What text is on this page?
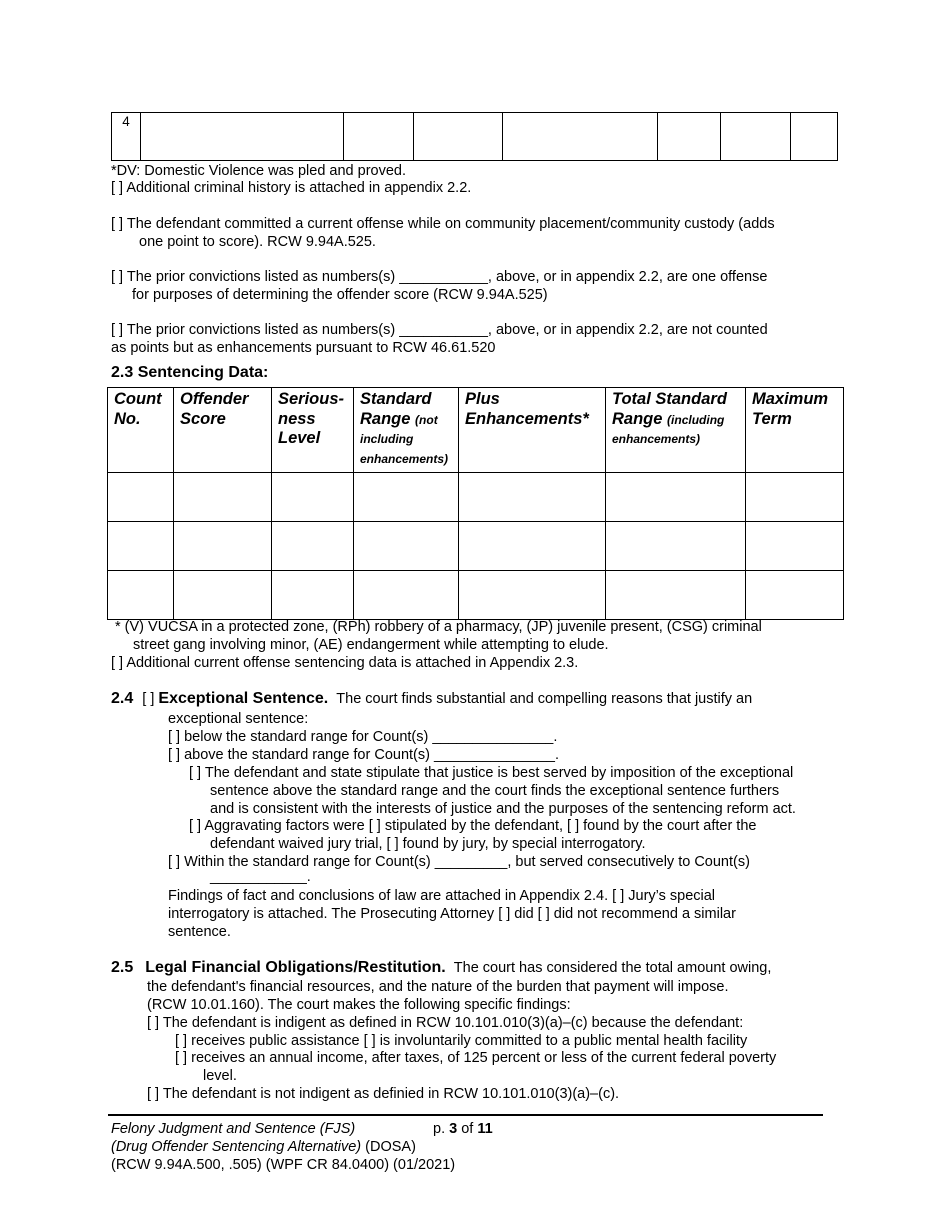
4							

*DV: Domestic Violence was pled and proved.

[ ] Additional criminal history is attached in appendix 2.2.

[ ] The defendant committed a current offense while on community placement/community custody (adds

one point to score). RCW 9.94A.525.

[ ] The prior convictions listed as numbers(s) ___________, above, or in appendix 2.2, are one offense

for purposes of determining the offender score (RCW 9.94A.525)

[ ] The prior convictions listed as numbers(s) ___________, above, or in appendix 2.2, are not counted

as points but as enhancements pursuant to RCW 46.61.520

2.3 Sentencing Data:

Count No.	Offender Score	Serious-ness Level	Standard Range (not including enhancements)	Plus Enhancements*	Total Standard Range (including enhancements)	Maximum Term

* (V) VUCSA in a protected zone, (RPh) robbery of a pharmacy, (JP) juvenile present, (CSG) criminal

street gang involving minor, (AE) endangerment while attempting to elude.

[ ] Additional current offense sentencing data is attached in Appendix 2.3.

2.4 [ ] Exceptional Sentence. The court finds substantial and compelling reasons that justify an

exceptional sentence:

[ ] below the standard range for Count(s) _______________.

[ ] above the standard range for Count(s) _______________.

[ ] The defendant and state stipulate that justice is best served by imposition of the exceptional

sentence above the standard range and the court finds the exceptional sentence furthers

and is consistent with the interests of justice and the purposes of the sentencing reform act.

[ ] Aggravating factors were [ ] stipulated by the defendant, [ ] found by the court after the

defendant waived jury trial, [ ] found by jury, by special interrogatory.

[ ] Within the standard range for Count(s) _________, but served consecutively to Count(s)

____________.

Findings of fact and conclusions of law are attached in Appendix 2.4. [ ] Jury’s special

interrogatory is attached. The Prosecuting Attorney [ ] did [ ] did not recommend a similar

sentence.

2.5 Legal Financial Obligations/Restitution. The court has considered the total amount owing,

the defendant's financial resources, and the nature of the burden that payment will impose.

(RCW 10.01.160). The court makes the following specific findings:

[ ] The defendant is indigent as defined in RCW 10.101.010(3)(a)–(c) because the defendant:

[ ] receives public assistance [ ] is involuntarily committed to a public mental health facility

[ ] receives an annual income, after taxes, of 125 percent or less of the current federal poverty

level.

[ ] The defendant is not indigent as definied in RCW 10.101.010(3)(a)–(c).

Felony Judgment and Sentence (FJS)	p. 3 of 11
(Drug Offender Sentencing Alternative) (DOSA)

(RCW 9.94A.500, .505) (WPF CR 84.0400) (01/2021)
